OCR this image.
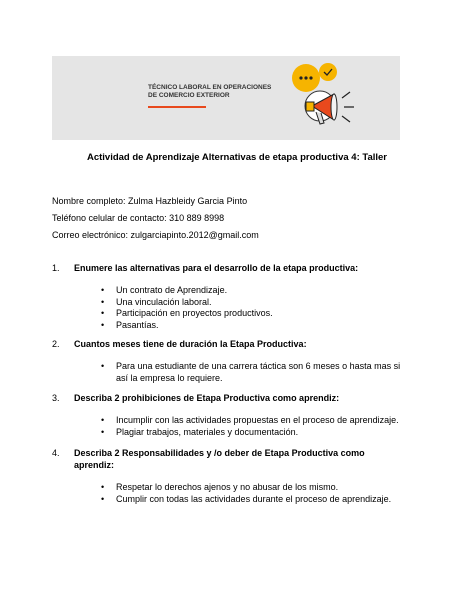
TÉCNICO LABORAL EN OPERACIONES
DE COMERCIO EXTERIOR
Actividad de Aprendizaje Alternativas de etapa productiva 4: Taller
Nombre completo: Zulma Hazbleidy Garcia Pinto
Teléfono celular de contacto: 310 889 8998
Correo electrónico: zulgarciapinto.2012@gmail.com
1. Enumere las alternativas para el desarrollo de la etapa productiva:
• Un contrato de Aprendizaje.
• Una vinculación laboral.
• Participación en proyectos productivos.
• Pasantías.
2. Cuantos meses tiene de duración la Etapa Productiva:
• Para una estudiante de una carrera táctica son 6 meses o hasta mas si así la empresa lo requiere.
3. Describa 2 prohibiciones de Etapa Productiva como aprendiz:
• Incumplir con las actividades propuestas en el proceso de aprendizaje.
• Plagiar trabajos, materiales y documentación.
4. Describa 2 Responsabilidades y /o deber de Etapa Productiva como aprendiz:
• Respetar lo derechos ajenos y no abusar de los mismo.
• Cumplir con todas las actividades durante el proceso de aprendizaje.
